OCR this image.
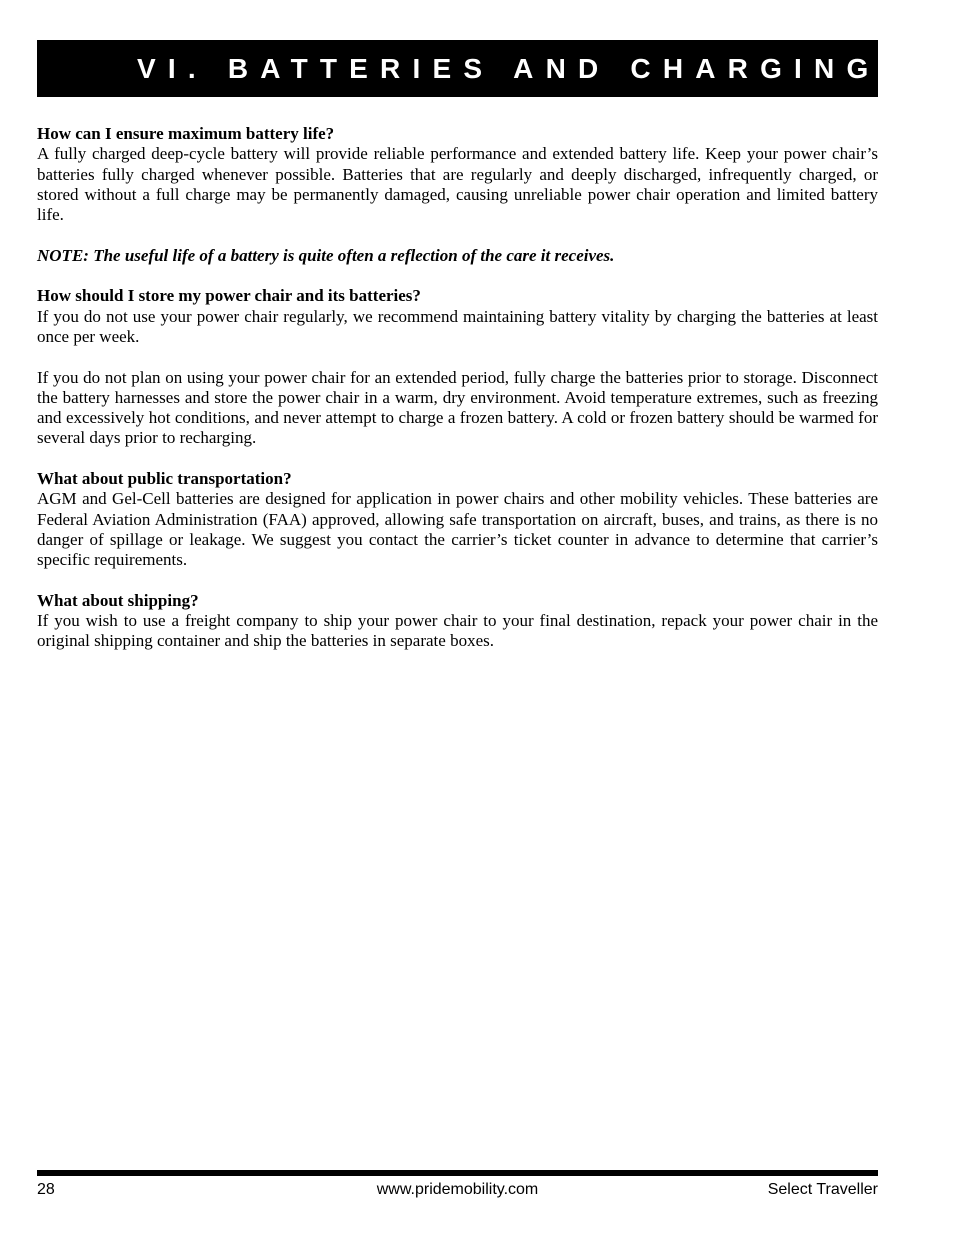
VI. BATTERIES AND CHARGING

How can I ensure maximum battery life?

A fully charged deep-cycle battery will provide reliable performance and extended battery life. Keep your power chair’s batteries fully charged whenever possible. Batteries that are regularly and deeply discharged, infrequently charged, or stored without a full charge may be permanently damaged, causing unreliable power chair operation and limited battery life.

NOTE: The useful life of a battery is quite often a reflection of the care it receives.

How should I store my power chair and its batteries?

If you do not use your power chair regularly, we recommend maintaining battery vitality by charging the batteries at least once per week.

If you do not plan on using your power chair for an extended period, fully charge the batteries prior to storage. Disconnect the battery harnesses and store the power chair in a warm, dry environment. Avoid temperature extremes, such as freezing and excessively hot conditions, and never attempt to charge a frozen battery. A cold or frozen battery should be warmed for several days prior to recharging.

What about public transportation?

AGM and Gel-Cell batteries are designed for application in power chairs and other mobility vehicles. These batteries are Federal Aviation Administration (FAA) approved, allowing safe transportation on aircraft, buses, and trains, as there is no danger of spillage or leakage. We suggest you contact the carrier’s ticket counter in advance to determine that carrier’s specific requirements.

What about shipping?

If you wish to use a freight company to ship your power chair to your final destination, repack your power chair in the original shipping container and ship the batteries in separate boxes.

28	www.pridemobility.com	Select Traveller
